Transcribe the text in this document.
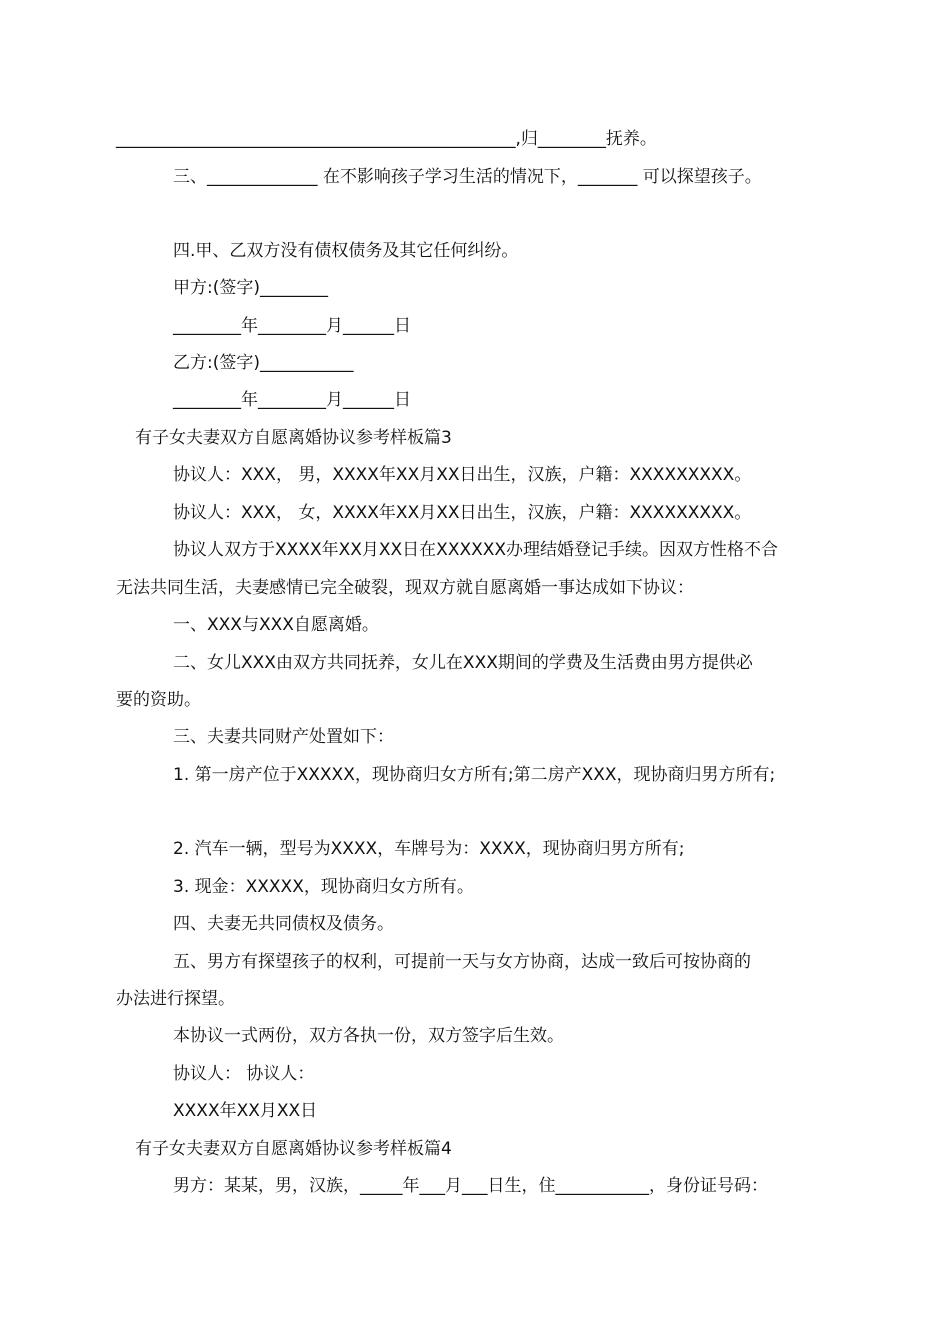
_______________________________________________,归________抚养。
三、_____________ 在不影响孩子学习生活的情况下，_______ 可以探望孩子。
四.甲、乙双方没有债权债务及其它任何纠纷。
甲方:(签字)________
________年________月______日
乙方:(签字)___________
________年________月______日
有子女夫妻双方自愿离婚协议参考样板篇3
协议人：XXX， 男，XXXX年XX月XX日出生，汉族，户籍：XXXXXXXXX。
协议人：XXX， 女，XXXX年XX月XX日出生，汉族，户籍：XXXXXXXXX。
协议人双方于XXXX年XX月XX日在XXXXXX办理结婚登记手续。因双方性格不合
无法共同生活，夫妻感情已完全破裂，现双方就自愿离婚一事达成如下协议：
一、XXX与XXX自愿离婚。
二、女儿XXX由双方共同抚养，女儿在XXX期间的学费及生活费由男方提供必
要的资助。
三、夫妻共同财产处置如下：
1. 第一房产位于XXXXX，现协商归女方所有;第二房产XXX，现协商归男方所有;
2. 汽车一辆，型号为XXXX，车牌号为：XXXX，现协商归男方所有;
3. 现金：XXXXX，现协商归女方所有。
四、夫妻无共同债权及债务。
五、男方有探望孩子的权利，可提前一天与女方协商，达成一致后可按协商的
办法进行探望。
本协议一式两份，双方各执一份，双方签字后生效。
协议人： 协议人：
XXXX年XX月XX日
有子女夫妻双方自愿离婚协议参考样板篇4
男方：某某，男，汉族，_____年___月___日生，住___________，身份证号码：
